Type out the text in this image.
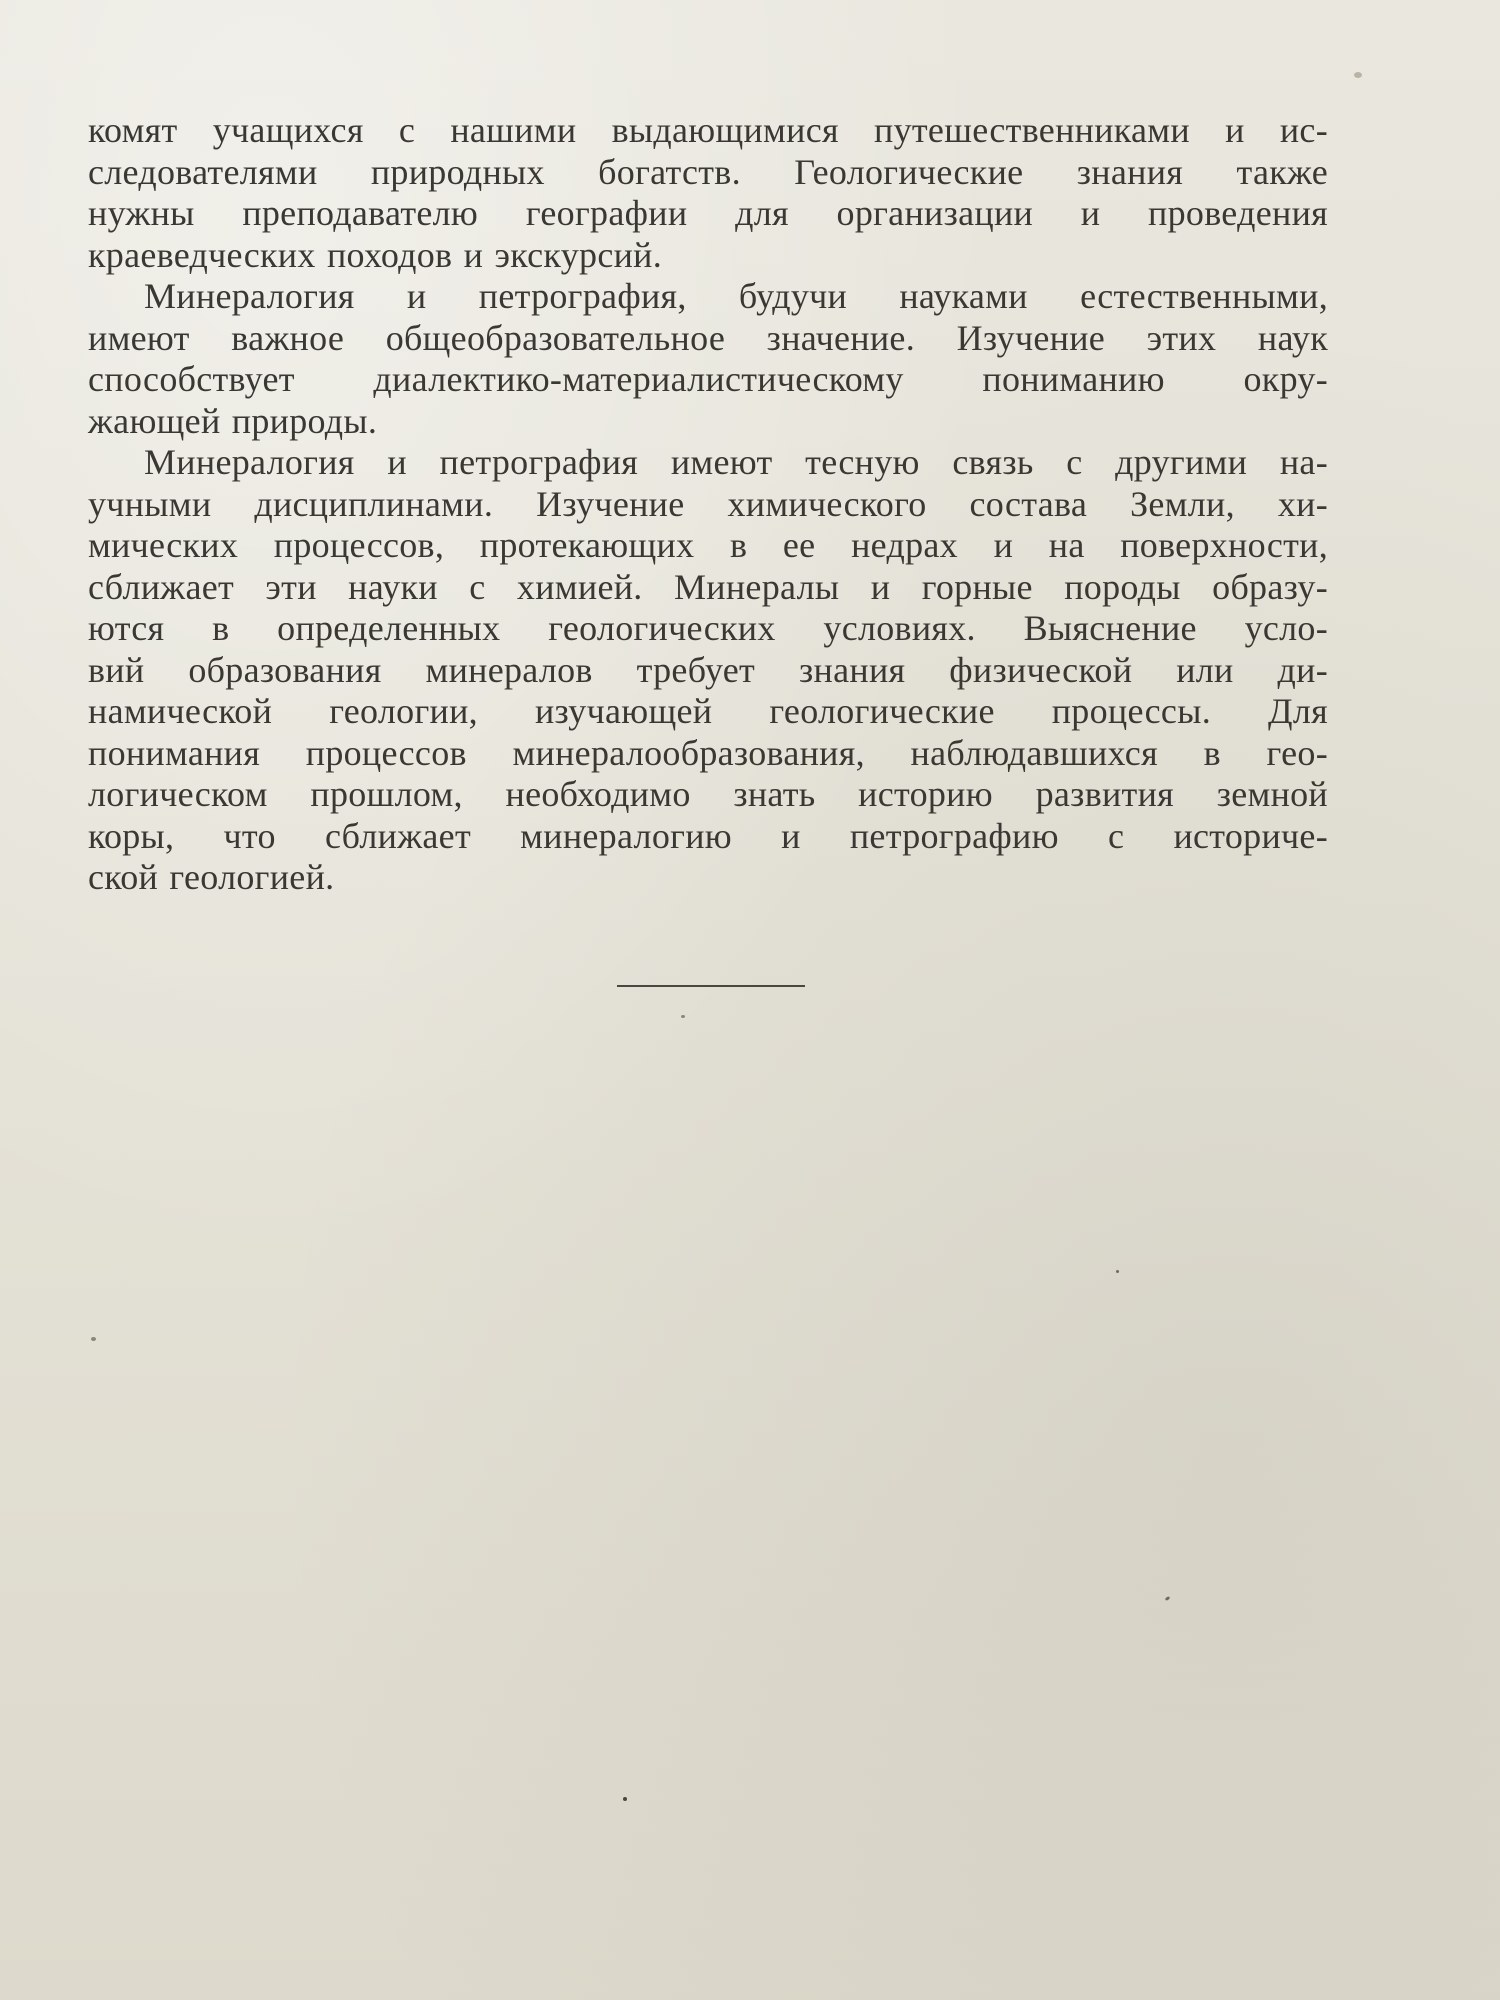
комят учащихся с нашими выдающимися путешественниками и ис-
следователями природных богатств. Геологические знания также
нужны преподавателю географии для организации и проведения
краеведческих походов и экскурсий.

Минералогия и петрография, будучи науками естественными,
имеют важное общеобразовательное значение. Изучение этих наук
способствует диалектико-материалистическому пониманию окру-
жающей природы.

Минералогия и петрография имеют тесную связь с другими на-
учными дисциплинами. Изучение химического состава Земли, хи-
мических процессов, протекающих в ее недрах и на поверхности,
сближает эти науки с химией. Минералы и горные породы образу-
ются в определенных геологических условиях. Выяснение усло-
вий образования минералов требует знания физической или ди-
намической геологии, изучающей геологические процессы. Для
понимания процессов минералообразования, наблюдавшихся в гео-
логическом прошлом, необходимо знать историю развития земной
коры, что сближает минералогию и петрографию с историче-
ской геологией.
